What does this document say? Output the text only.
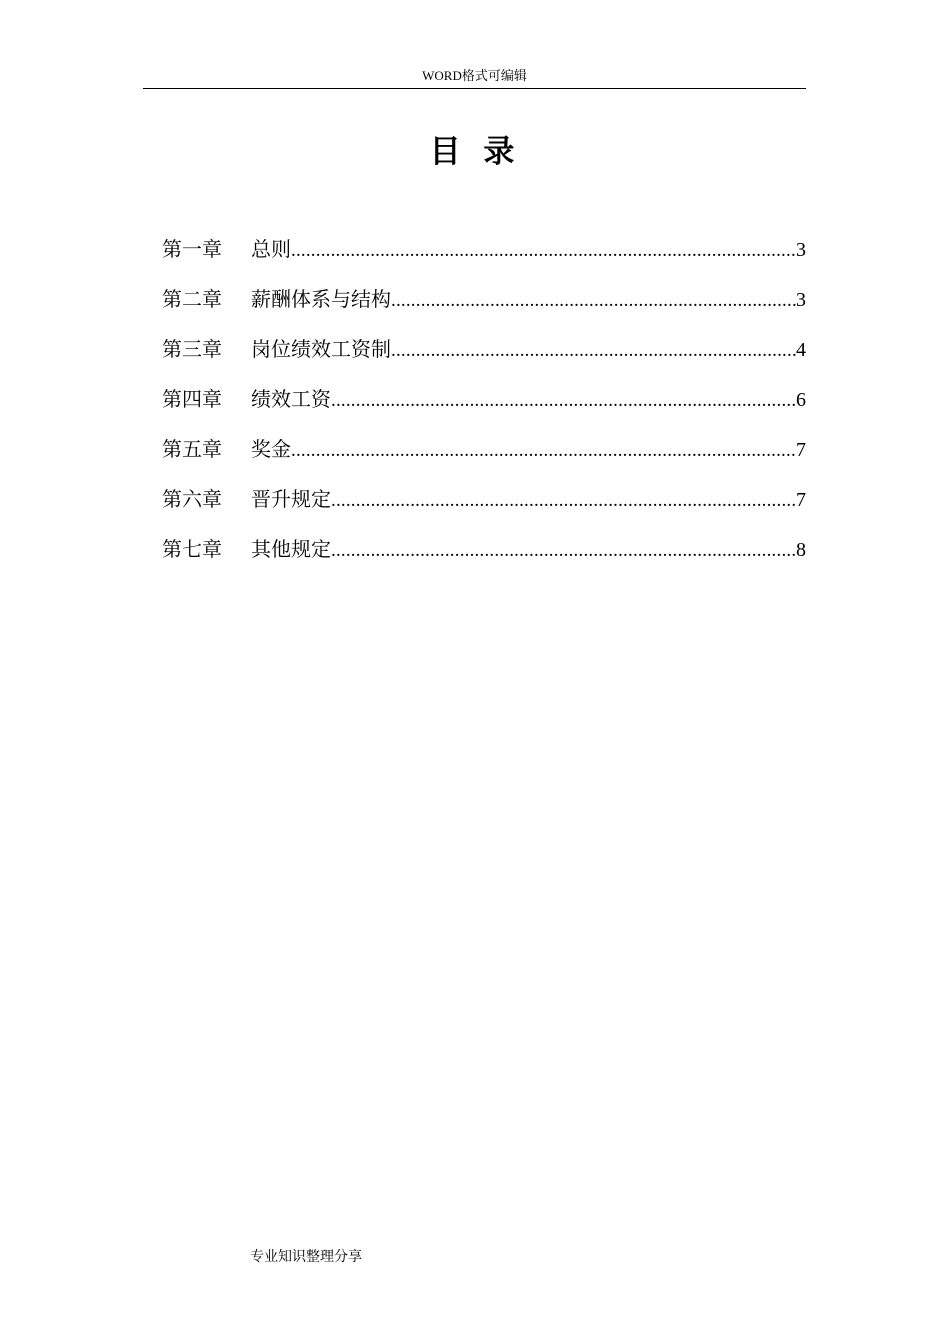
WORD格式可编辑
目 录
第一章	总则 .....	3
第二章	薪酬体系与结构 .....	3
第三章	岗位绩效工资制 .....	4
第四章	绩效工资 .....	6
第五章	奖金 .....	7
第六章	晋升规定 .....	7
第七章	其他规定 .....	8
专业知识整理分享
